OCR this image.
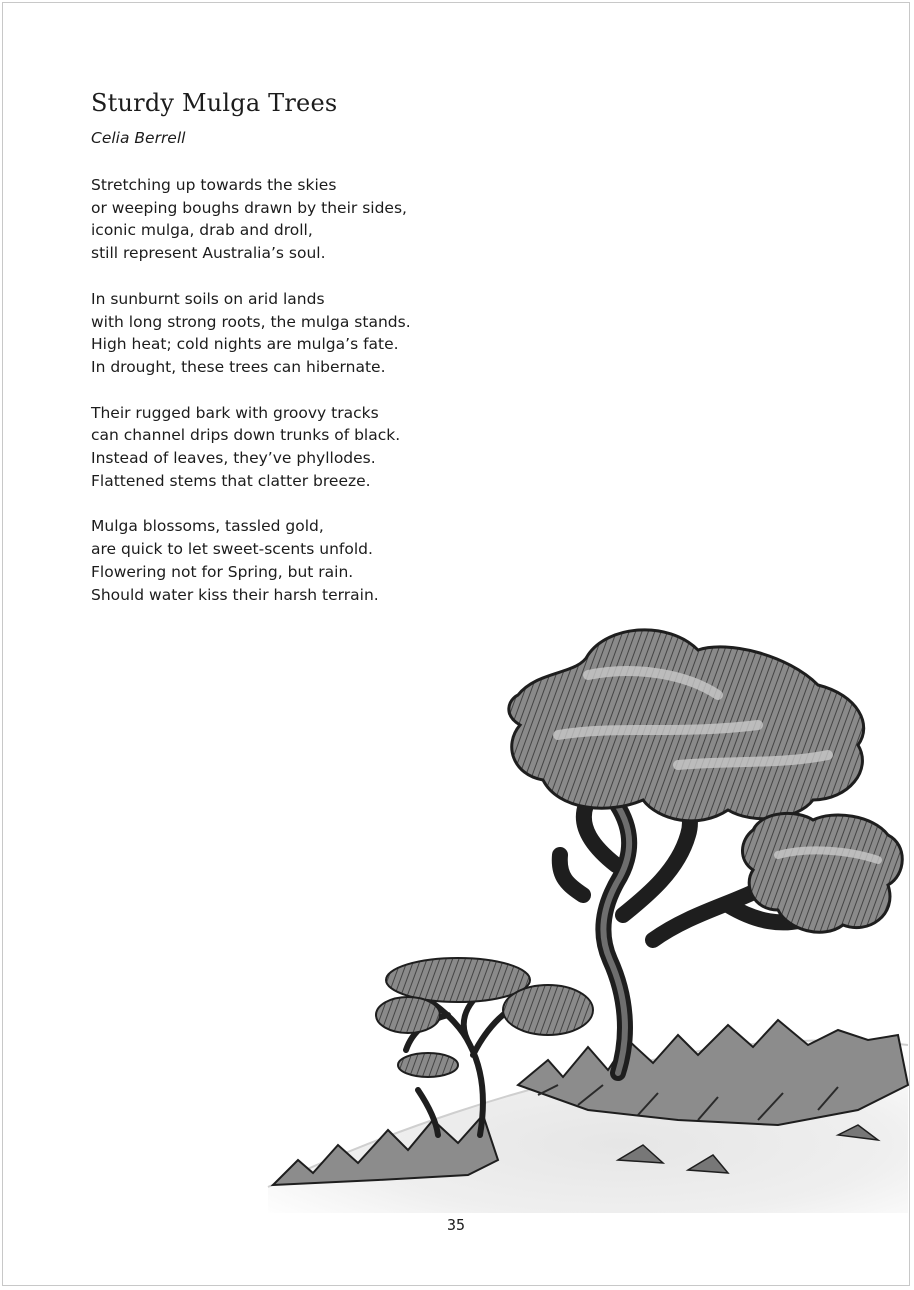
Sturdy Mulga Trees

Celia Berrell

Stretching up towards the skies
or weeping boughs drawn by their sides,
iconic mulga, drab and droll,
still represent Australia’s soul.
In sunburnt soils on arid lands
with long strong roots, the mulga stands.
High heat; cold nights are mulga’s fate.
In drought, these trees can hibernate.
Their rugged bark with groovy tracks
can channel drips down trunks of black.
Instead of leaves, they’ve phyllodes.
Flattened stems that clatter breeze.
Mulga blossoms, tassled gold,
are quick to let sweet-scents unfold.
Flowering not for Spring, but rain.
Should water kiss their harsh terrain.
35
